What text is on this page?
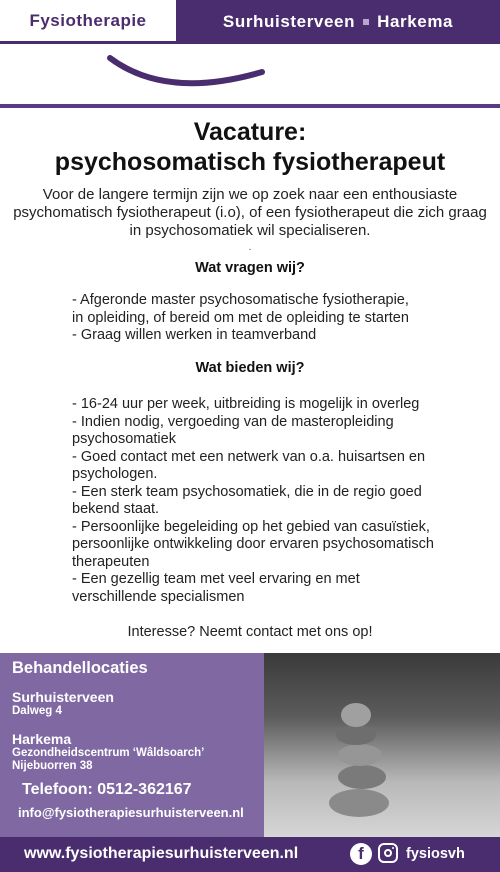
Fysiotherapie	Surhuisterveen Harkema
Vacature:
psychosomatisch fysiotherapeut
Voor de langere termijn zijn we op zoek naar een enthousiaste psychomatisch fysiotherapeut (i.o), of een fysiotherapeut die zich graag in psychosomatiek wil specialiseren.
.
Wat vragen wij?
- Afgeronde master psychosomatische fysiotherapie,
in opleiding, of bereid om met de opleiding te starten
- Graag willen werken in teamverband
Wat bieden wij?
- 16-24 uur per week, uitbreiding is mogelijk in overleg
- Indien nodig, vergoeding van de masteropleiding
psychosomatiek
- Goed contact met een netwerk van o.a. huisartsen en
psychologen.
- Een sterk team psychosomatiek, die in de regio goed
bekend staat.
- Persoonlijke begeleiding op het gebied van casuïstiek,
persoonlijke ontwikkeling door ervaren psychosomatisch
therapeuten
- Een gezellig team met veel ervaring en met
verschillende specialismen
Interesse? Neemt contact met ons op!
Behandellocaties
Surhuisterveen
Dalweg 4
Harkema
Gezondheidscentrum ‘Wâldsoarch’
Nijebuorren 38
Telefoon: 0512-362167
info@fysiotherapiesurhuisterveen.nl
www.fysiotherapiesurhuisterveen.nl	f	fysiosvh
